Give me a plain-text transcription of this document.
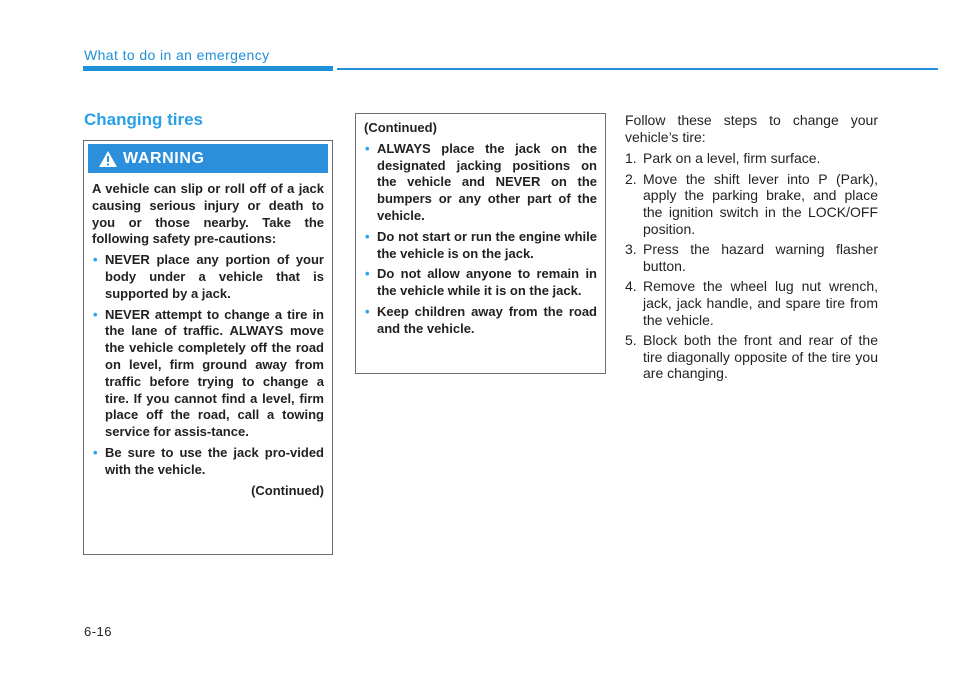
What to do in an emergency
Changing tires
WARNING

A vehicle can slip or roll off of a jack causing serious injury or death to you or those nearby. Take the following safety pre-cautions:

• NEVER place any portion of your body under a vehicle that is supported by a jack.
• NEVER attempt to change a tire in the lane of traffic. ALWAYS move the vehicle completely off the road on level, firm ground away from traffic before trying to change a tire. If you cannot find a level, firm place off the road, call a towing service for assis-tance.
• Be sure to use the jack pro-vided with the vehicle.

(Continued)

(Continued)

• ALWAYS place the jack on the designated jacking positions on the vehicle and NEVER on the bumpers or any other part of the vehicle.
• Do not start or run the engine while the vehicle is on the jack.
• Do not allow anyone to remain in the vehicle while it is on the jack.
• Keep children away from the road and the vehicle.

Follow these steps to change your vehicle’s tire:

1. Park on a level, firm surface.
2. Move the shift lever into P (Park), apply the parking brake, and place the ignition switch in the LOCK/OFF position.
3. Press the hazard warning flasher button.
4. Remove the wheel lug nut wrench, jack, jack handle, and spare tire from the vehicle.
5. Block both the front and rear of the tire diagonally opposite of the tire you are changing.
6-16
